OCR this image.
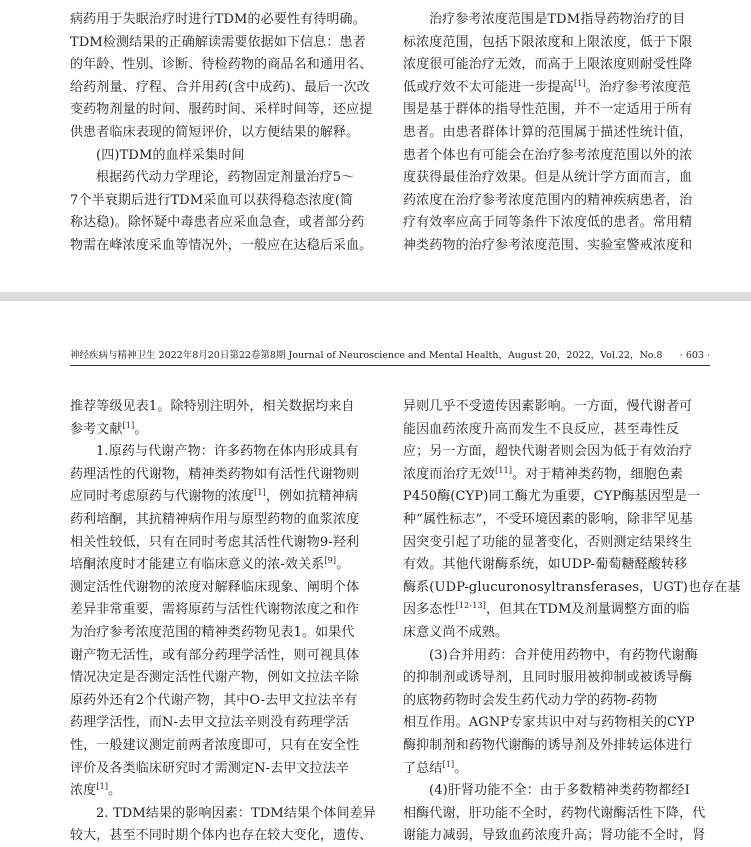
病药用于失眠治疗时进行TDM的必要性有待明确。
TDM检测结果的正确解读需要依据如下信息：患者
的年龄、性别、诊断、待检药物的商品名和通用名、
给药剂量、疗程、合并用药(含中成药)、最后一次改
变药物剂量的时间、服药时间、采样时间等，还应提
供患者临床表现的简短评价，以方便结果的解释。
(四)TDM的血样采集时间
根据药代动力学理论，药物固定剂量治疗5～
7个半衰期后进行TDM采血可以获得稳态浓度(简
称达稳)。除怀疑中毒患者应采血急查，或者部分药
物需在峰浓度采血等情况外，一般应在达稳后采血。
治疗参考浓度范围是TDM指导药物治疗的目
标浓度范围，包括下限浓度和上限浓度，低于下限
浓度很可能治疗无效，而高于上限浓度则耐受性降
低或疗效不太可能进一步提高[1]。治疗参考浓度范
围是基于群体的指导性范围，并不一定适用于所有
患者。由患者群体计算的范围属于描述性统计值，
患者个体也有可能会在治疗参考浓度范围以外的浓
度获得最佳治疗效果。但是从统计学方面而言，血
药浓度在治疗参考浓度范围内的精神疾病患者，治
疗有效率应高于同等条件下浓度低的患者。常用精
神类药物的治疗参考浓度范围、实验室警戒浓度和
神经疾病与精神卫生 2022年8月20日第22卷第8期 Journal of Neuroscience and Mental Health，August 20，2022，Vol.22，No.8 · 603 ·
推荐等级见表1。除特别注明外，相关数据均来自
参考文献[1]。
1.原药与代谢产物：许多药物在体内形成具有
药理活性的代谢物，精神类药物如有活性代谢物则
应同时考虑原药与代谢物的浓度[1]，例如抗精神病
药利培酮，其抗精神病作用与原型药物的血浆浓度
相关性较低，只有在同时考虑其活性代谢物9-羟利
培酮浓度时才能建立有临床意义的浓-效关系[9]。
测定活性代谢物的浓度对解释临床现象、阐明个体
差异非常重要，需将原药与活性代谢物浓度之和作
为治疗参考浓度范围的精神类药物见表1。如果代
谢产物无活性，或有部分药理学活性，则可视具体
情况决定是否测定活性代谢产物，例如文拉法辛除
原药外还有2个代谢产物，其中O-去甲文拉法辛有
药理学活性，而N-去甲文拉法辛则没有药理学活
性，一般建议测定前两者浓度即可，只有在安全性
评价及各类临床研究时才需测定N-去甲文拉法辛
浓度[1]。
2. TDM结果的影响因素：TDM结果个体间差异
较大，甚至不同时期个体内也存在较大变化，遗传、
异则几乎不受遗传因素影响。一方面，慢代谢者可
能因血药浓度升高而发生不良反应，甚至毒性反
应；另一方面，超快代谢者则会因为低于有效治疗
浓度而治疗无效[11]。对于精神类药物，细胞色素
P450酶(CYP)同工酶尤为重要，CYP酶基因型是一
种“属性标志”，不受环境因素的影响，除非罕见基
因突变引起了功能的显著变化，否则测定结果终生
有效。其他代谢酶系统，如UDP-葡萄糖醛酸转移
酶系(UDP-glucuronosyltransferases，UGT)也存在基
因多态性[12-13]，但其在TDM及剂量调整方面的临
床意义尚不成熟。
(3)合并用药：合并使用药物中，有药物代谢酶
的抑制剂或诱导剂，且同时服用被抑制或被诱导酶
的底物药物时会发生药代动力学的药物-药物
相互作用。AGNP专家共识中对与药物相关的CYP
酶抑制剂和药物代谢酶的诱导剂及外排转运体进行
了总结[1]。
(4)肝肾功能不全：由于多数精神类药物都经Ⅰ
相酶代谢，肝功能不全时，药物代谢酶活性下降，代
谢能力减弱，导致血药浓度升高；肾功能不全时，肾
